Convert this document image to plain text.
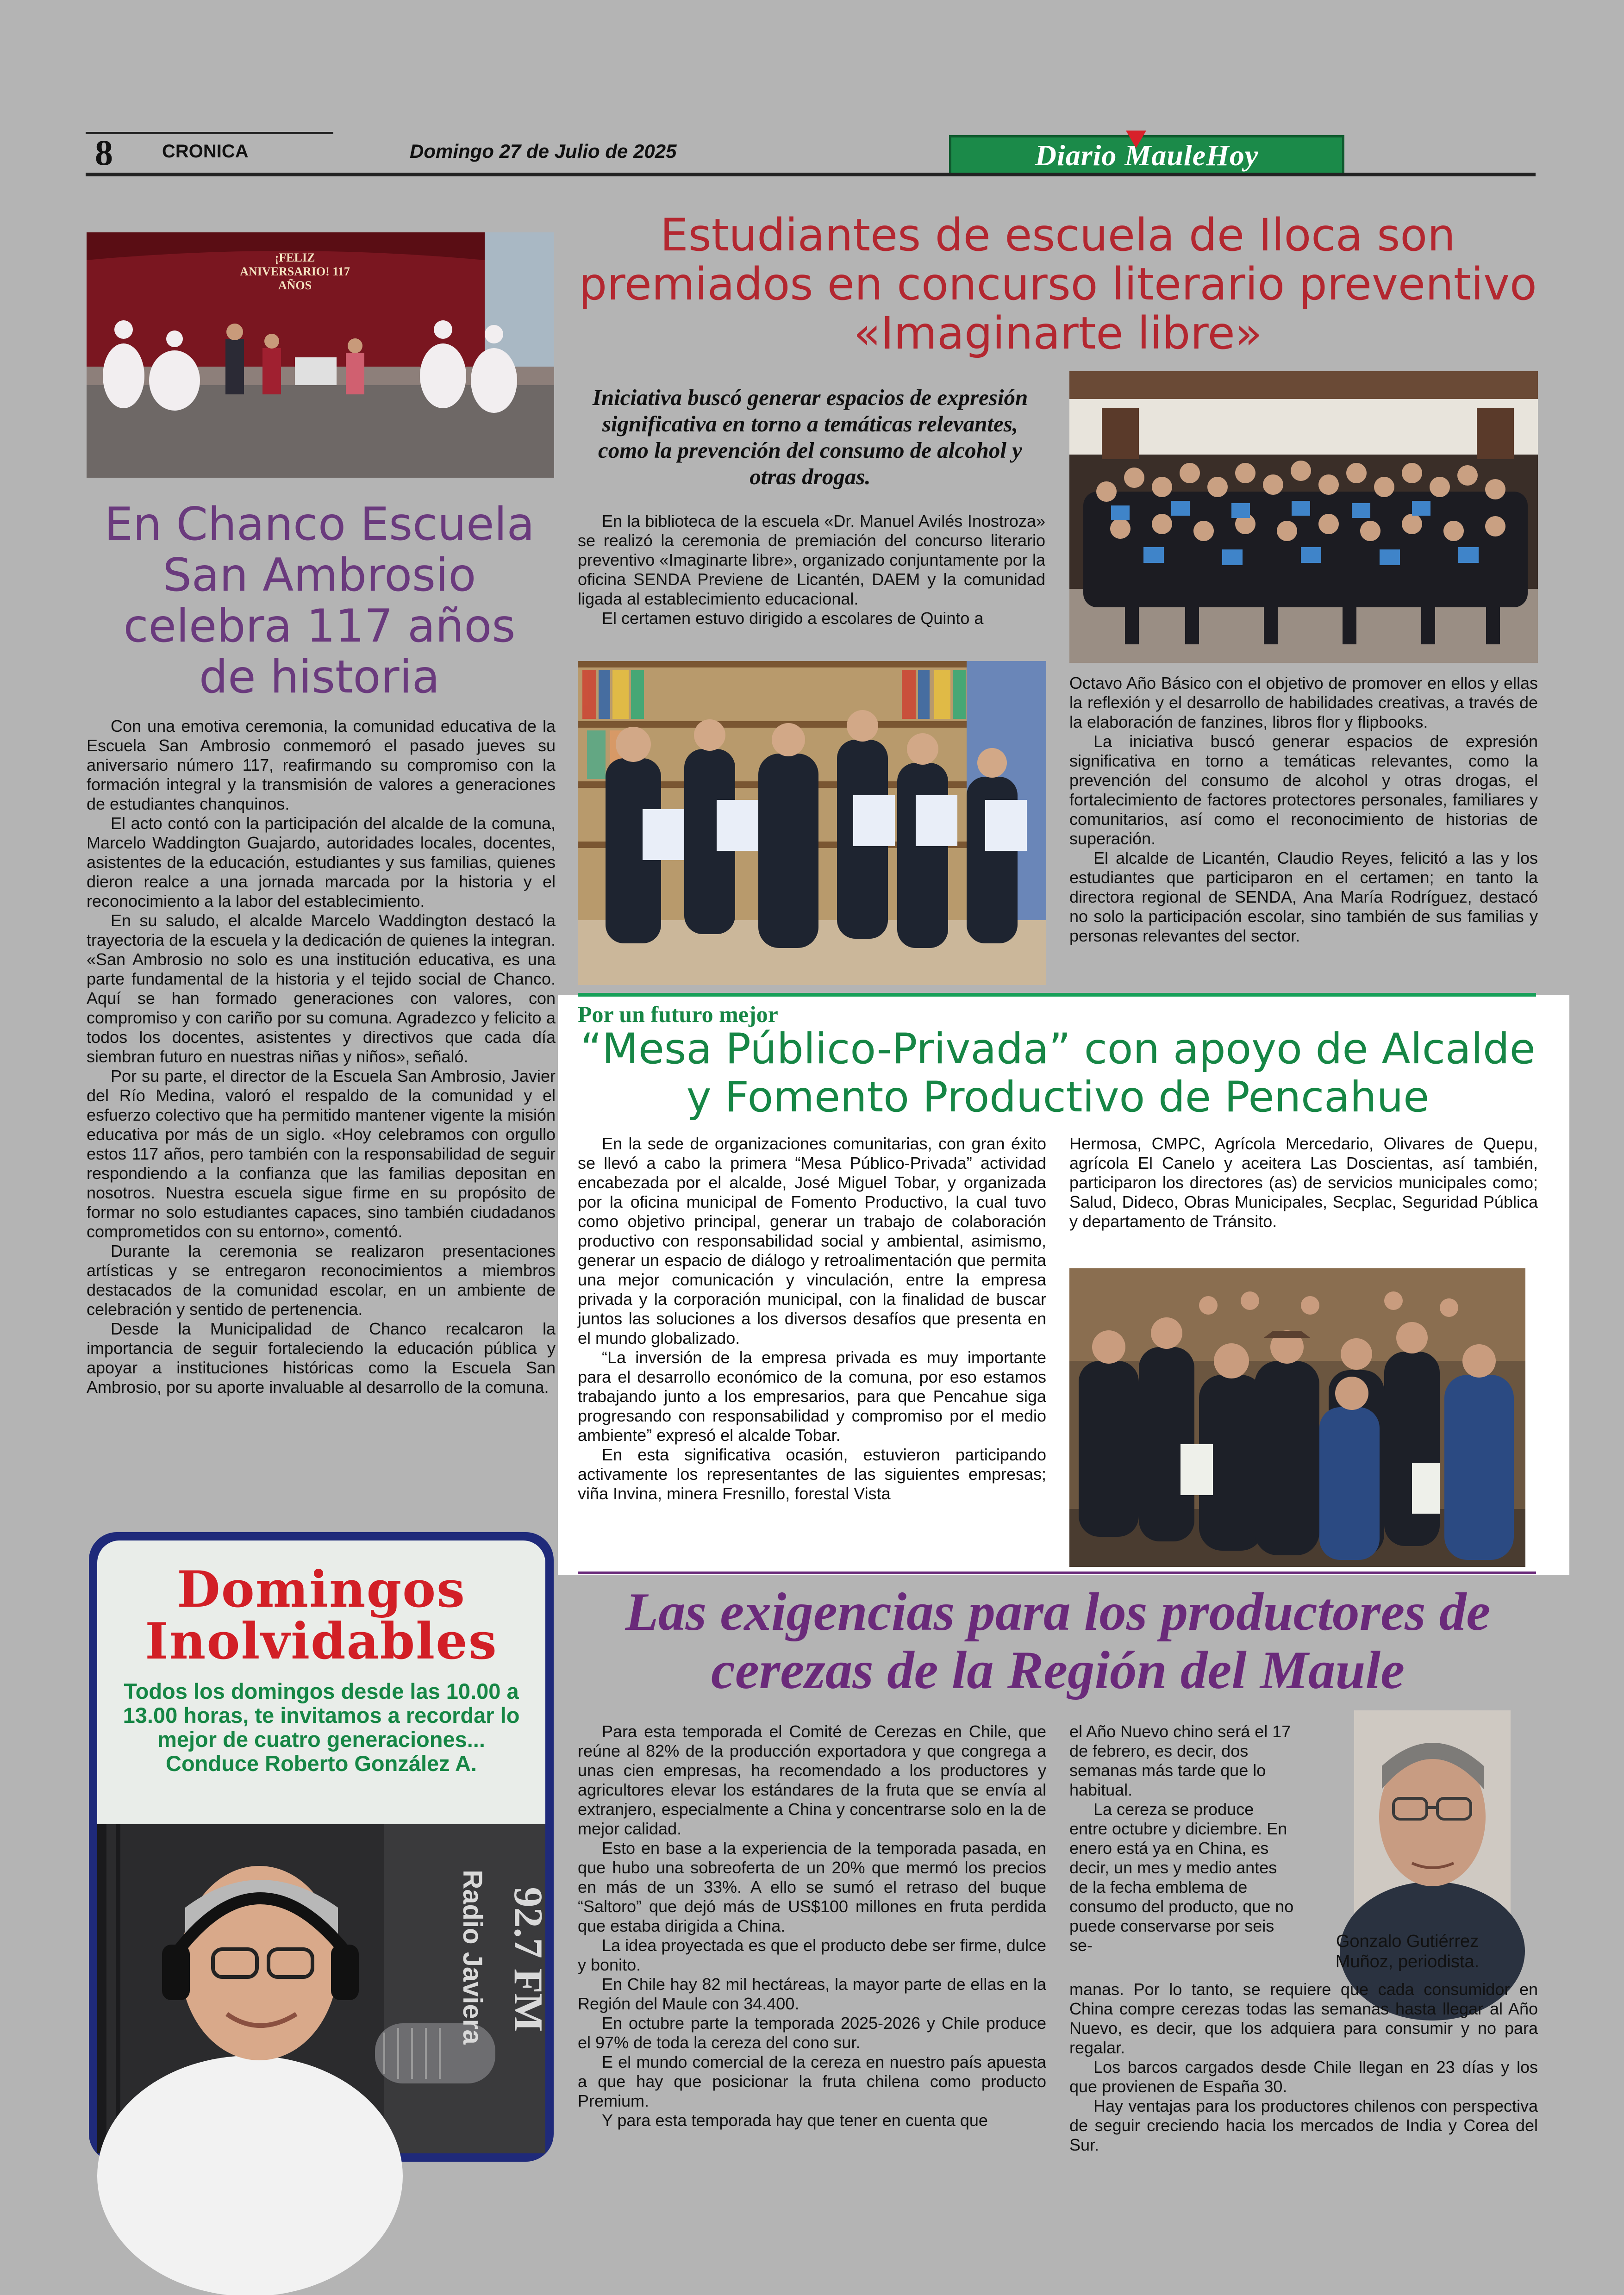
8	CRONICA	Domingo 27 de Julio de 2025	Diario MauleHoy
¡FELIZ ANIVERSARIO! 117 AÑOS
En Chanco Escuela San Ambrosio celebra 117 años de historia

Con una emotiva ceremonia, la comunidad educativa de la Escuela San Ambrosio conmemoró el pasado jueves su aniversario número 117, reafirmando su compromiso con la formación integral y la transmisión de valores a generaciones de estudiantes chanquinos.

El acto contó con la participación del alcalde de la comuna, Marcelo Waddington Guajardo, autoridades locales, docentes, asistentes de la educación, estudiantes y sus familias, quienes dieron realce a una jornada marcada por la historia y el reconocimiento a la labor del establecimiento.

En su saludo, el alcalde Marcelo Waddington destacó la trayectoria de la escuela y la dedicación de quienes la integran. «San Ambrosio no solo es una institución educativa, es una parte fundamental de la historia y el tejido social de Chanco. Aquí se han formado generaciones con valores, con compromiso y con cariño por su comuna. Agradezco y felicito a todos los docentes, asistentes y directivos que cada día siembran futuro en nuestras niñas y niños», señaló.

Por su parte, el director de la Escuela San Ambrosio, Javier del Río Medina, valoró el respaldo de la comunidad y el esfuerzo colectivo que ha permitido mantener vigente la misión educativa por más de un siglo. «Hoy celebramos con orgullo estos 117 años, pero también con la responsabilidad de seguir respondiendo a la confianza que las familias depositan en nosotros. Nuestra escuela sigue firme en su propósito de formar no solo estudiantes capaces, sino también ciudadanos comprometidos con su entorno», comentó.

Durante la ceremonia se realizaron presentaciones artísticas y se entregaron reconocimientos a miembros destacados de la comunidad escolar, en un ambiente de celebración y sentido de pertenencia.

Desde la Municipalidad de Chanco recalcaron la importancia de seguir fortaleciendo la educación pública y apoyar a instituciones históricas como la Escuela San Ambrosio, por su aporte invaluable al desarrollo de la comuna.

Estudiantes de escuela de Iloca son premiados en concurso literario preventivo «Imaginarte libre»
Iniciativa buscó generar espacios de expresión significativa en torno a temáticas relevantes, como la prevención del consumo de alcohol y otras drogas.

En la biblioteca de la escuela «Dr. Manuel Avilés Inostroza» se realizó la ceremonia de premiación del concurso literario preventivo «Imaginarte libre», organizado conjuntamente por la oficina SENDA Previene de Licantén, DAEM y la comunidad ligada al establecimiento educacional.

El certamen estuvo dirigido a escolares de Quinto a

Octavo Año Básico con el objetivo de promover en ellos y ellas la reflexión y el desarrollo de habilidades creativas, a través de la elaboración de fanzines, libros flor y flipbooks.

La iniciativa buscó generar espacios de expresión significativa en torno a temáticas relevantes, como la prevención del consumo de alcohol y otras drogas, el fortalecimiento de factores protectores personales, familiares y comunitarios, así como el reconocimiento de historias de superación.

El alcalde de Licantén, Claudio Reyes, felicitó a las y los estudiantes que participaron en el certamen; en tanto la directora regional de SENDA, Ana María Rodríguez, destacó no solo la participación escolar, sino también de sus familias y personas relevantes del sector.

Por un futuro mejor
“Mesa Público-Privada” con apoyo de Alcalde y Fomento Productivo de Pencahue

En la sede de organizaciones comunitarias, con gran éxito se llevó a cabo la primera “Mesa Público-Privada” actividad encabezada por el alcalde, José Miguel Tobar, y organizada por la oficina municipal de Fomento Productivo, la cual tuvo como objetivo principal, generar un trabajo de colaboración productivo con responsabilidad social y ambiental, asimismo, generar un espacio de diálogo y retroalimentación que permita una mejor comunicación y vinculación, entre la empresa privada y la corporación municipal, con la finalidad de buscar juntos las soluciones a los diversos desafíos que presenta en el mundo globalizado.

“La inversión de la empresa privada es muy importante para el desarrollo económico de la comuna, por eso estamos trabajando junto a los empresarios, para que Pencahue siga progresando con responsabilidad y compromiso por el medio ambiente” expresó el alcalde Tobar.

En esta significativa ocasión, estuvieron participando activamente los representantes de las siguientes empresas; viña Invina, minera Fresnillo, forestal Vista

Hermosa, CMPC, Agrícola Mercedario, Olivares de Quepu, agrícola El Canelo y aceitera Las Doscientas, así también, participaron los directores (as) de servicios municipales como; Salud, Dideco, Obras Municipales, Secplac, Seguridad Pública y departamento de Tránsito.

Domingos
Inolvidables
Todos los domingos desde las 10.00 a 13.00 horas, te invitamos a recordar lo mejor de cuatro generaciones...
Conduce Roberto González A.
92.7 FM
Radio Javiera
Las exigencias para los productores de cerezas de la Región del Maule

Para esta temporada el Comité de Cerezas en Chile, que reúne al 82% de la producción exportadora y que congrega a unas cien empresas, ha recomendado a los productores y agricultores elevar los estándares de la fruta que se envía al extranjero, especialmente a China y concentrarse solo en la de mejor calidad.

Esto en base a la experiencia de la temporada pasada, en que hubo una sobreoferta de un 20% que mermó los precios en más de un 33%. A ello se sumó el retraso del buque “Saltoro” que dejó más de US$100 millones en fruta perdida que estaba dirigida a China.

La idea proyectada es que el producto debe ser firme, dulce y bonito.

En Chile hay 82 mil hectáreas, la mayor parte de ellas en la Región del Maule con 34.400.

En octubre parte la temporada 2025-2026 y Chile produce el 97% de toda la cereza del cono sur.

E el mundo comercial de la cereza en nuestro país apuesta a que hay que posicionar la fruta chilena como producto Premium.

Y para esta temporada hay que tener en cuenta que

el Año Nuevo chino será el 17 de febrero, es decir, dos semanas más tarde que lo habitual.

La cereza se produce entre octubre y diciembre. En enero está ya en China, es decir, un mes y medio antes de la fecha emblema de consumo del producto, que no puede conservarse por seis se-	Gonzalo Gutiérrez Muñoz, periodista.

manas. Por lo tanto, se requiere que cada consumidor en China compre cerezas todas las semanas hasta llegar al Año Nuevo, es decir, que los adquiera para consumir y no para regalar.

Los barcos cargados desde Chile llegan en 23 días y los que provienen de España 30.

Hay ventajas para los productores chilenos con perspectiva de seguir creciendo hacia los mercados de India y Corea del Sur.
